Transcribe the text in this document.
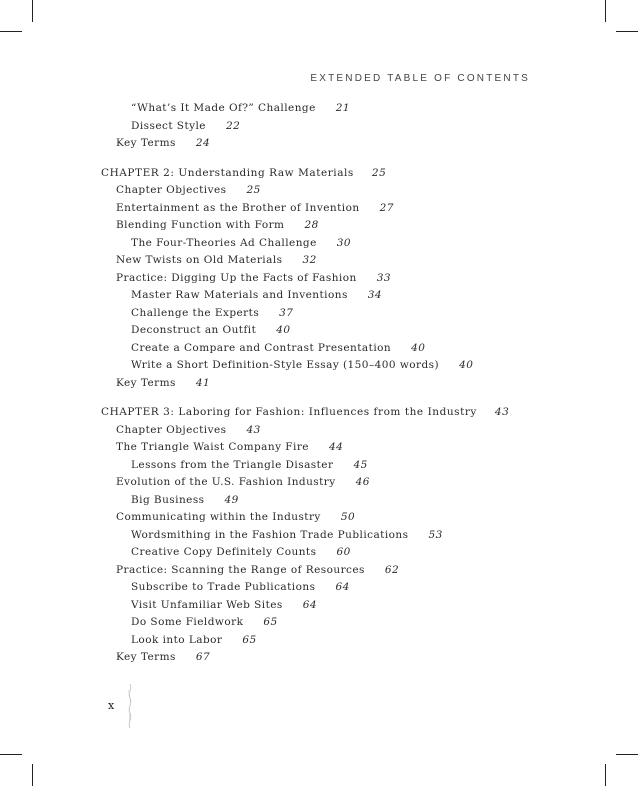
EXTENDED TABLE OF CONTENTS
“What’s It Made Of?” Challenge 21
Dissect Style 22
Key Terms 24
CHAPTER 2: Understanding Raw Materials 25
Chapter Objectives 25
Entertainment as the Brother of Invention 27
Blending Function with Form 28
The Four-Theories Ad Challenge 30
New Twists on Old Materials 32
Practice: Digging Up the Facts of Fashion 33
Master Raw Materials and Inventions 34
Challenge the Experts 37
Deconstruct an Outfit 40
Create a Compare and Contrast Presentation 40
Write a Short Definition-Style Essay (150–400 words) 40
Key Terms 41
CHAPTER 3: Laboring for Fashion: Influences from the Industry 43
Chapter Objectives 43
The Triangle Waist Company Fire 44
Lessons from the Triangle Disaster 45
Evolution of the U.S. Fashion Industry 46
Big Business 49
Communicating within the Industry 50
Wordsmithing in the Fashion Trade Publications 53
Creative Copy Definitely Counts 60
Practice: Scanning the Range of Resources 62
Subscribe to Trade Publications 64
Visit Unfamiliar Web Sites 64
Do Some Fieldwork 65
Look into Labor 65
Key Terms 67
x
